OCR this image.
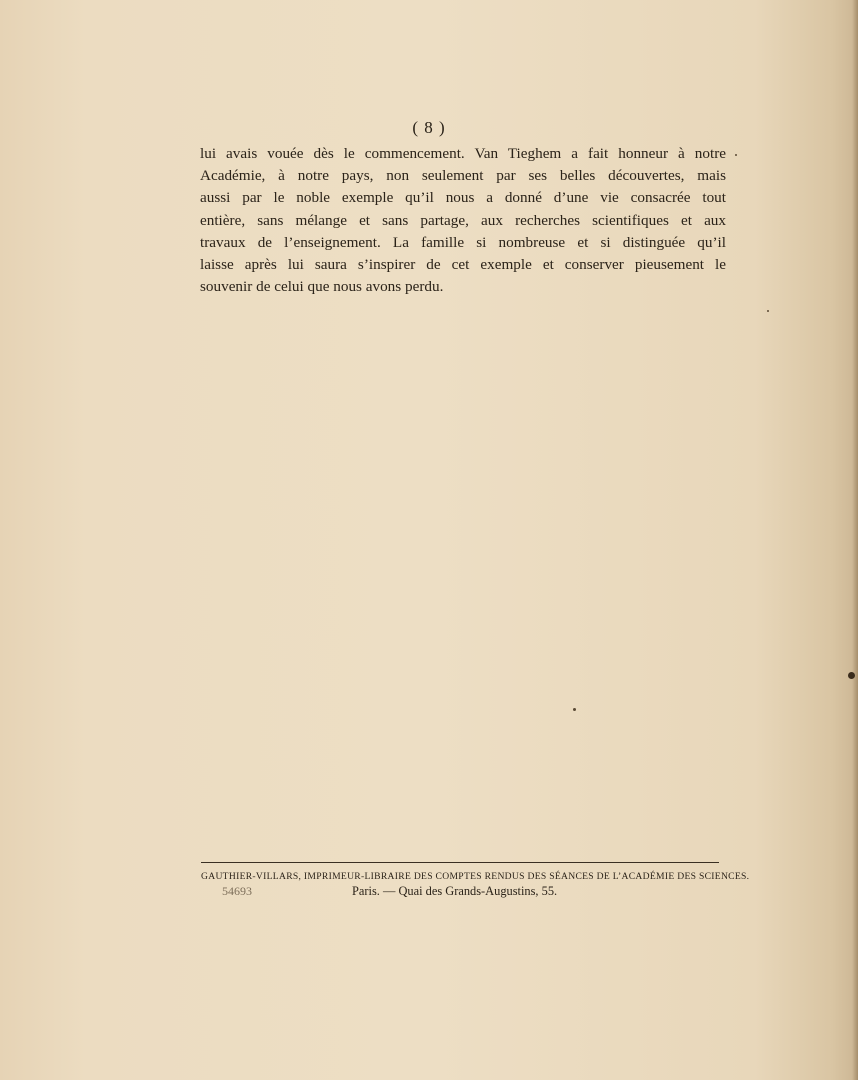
( 8 )
lui avais vouée dès le commencement. Van Tieghem a fait honneur à notre
Académie, à notre pays, non seulement par ses belles découvertes, mais
aussi par le noble exemple qu’il nous a donné d’une vie consacrée tout
entière, sans mélange et sans partage, aux recherches scientifiques et aux
travaux de l’enseignement. La famille si nombreuse et si distinguée qu’il
laisse après lui saura s’inspirer de cet exemple et conserver pieusement le
souvenir de celui que nous avons perdu.
GAUTHIER-VILLARS, IMPRIMEUR-LIBRAIRE DES COMPTES RENDUS DES SÉANCES DE L’ACADÉMIE DES SCIENCES.
54693	Paris. — Quai des Grands-Augustins, 55.
